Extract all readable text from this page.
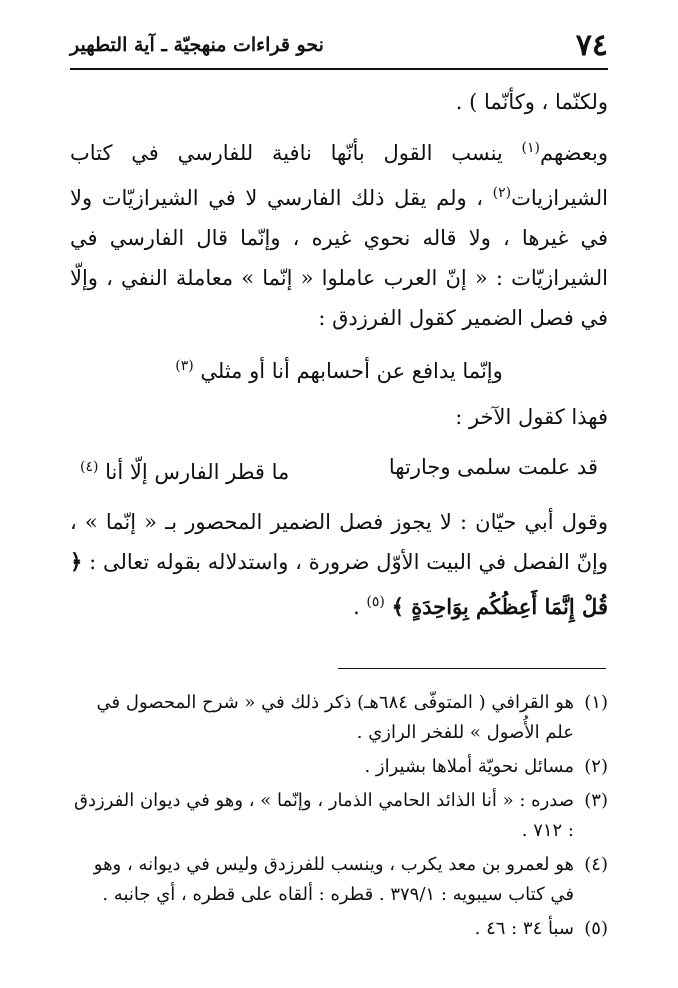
٧٤
نحو قراءات منهجيّة ـ آية التطهير

ولكنّما ، وكأنّما ) .

وبعضهم$^{(١)}$ ينسب القول بأنّها نافية للفارسي في كتاب الشيرازيات$^{(٢)}$ ، ولم يقل ذلك الفارسي لا في الشيرازيّات ولا في غيرها ، ولا قاله نحوي غيره ، وإنّما قال الفارسي في الشيرازيّات : « إنّ العرب عاملوا « إنّما » معاملة النفي ، وإلّا في فصل الضمير كقول الفرزدق :

وإنّما يدافع عن أحسابهم أنا أو مثلي $^{(٣)}$

فهذا كقول الآخر :

قد علمت سلمى وجارتها
ما قطر الفارس إلّا أنا $^{(٤)}$

وقول أبي حيّان : لا يجوز فصل الضمير المحصور بـ « إنّما » ، وإنّ الفصل في البيت الأوّل ضرورة ، واستدلاله بقوله تعالى : ﴿ قُلْ إِنَّمَا أَعِظُكُم بِوَاحِدَةٍ ﴾ $^{(٥)}$ .

(١)
هو القرافي ( المتوفّى ٦٨٤هـ) ذكر ذلك في « شرح المحصول في علم الأُصول » للفخر الرازي .
(٢)
مسائل نحويّة أملاها بشيراز .
(٣)
صدره : « أنا الذائد الحامي الذمار ، وإنّما » ، وهو في ديوان الفرزدق : ٧١٢ .
(٤)
هو لعمرو بن معد يكرب ، وينسب للفرزدق وليس في ديوانه ، وهو في كتاب سيبويه : ٣٧٩/١ . قطره : ألقاه على قطره ، أي جانبه .
(٥)
سبأ ٣٤ : ٤٦ .
